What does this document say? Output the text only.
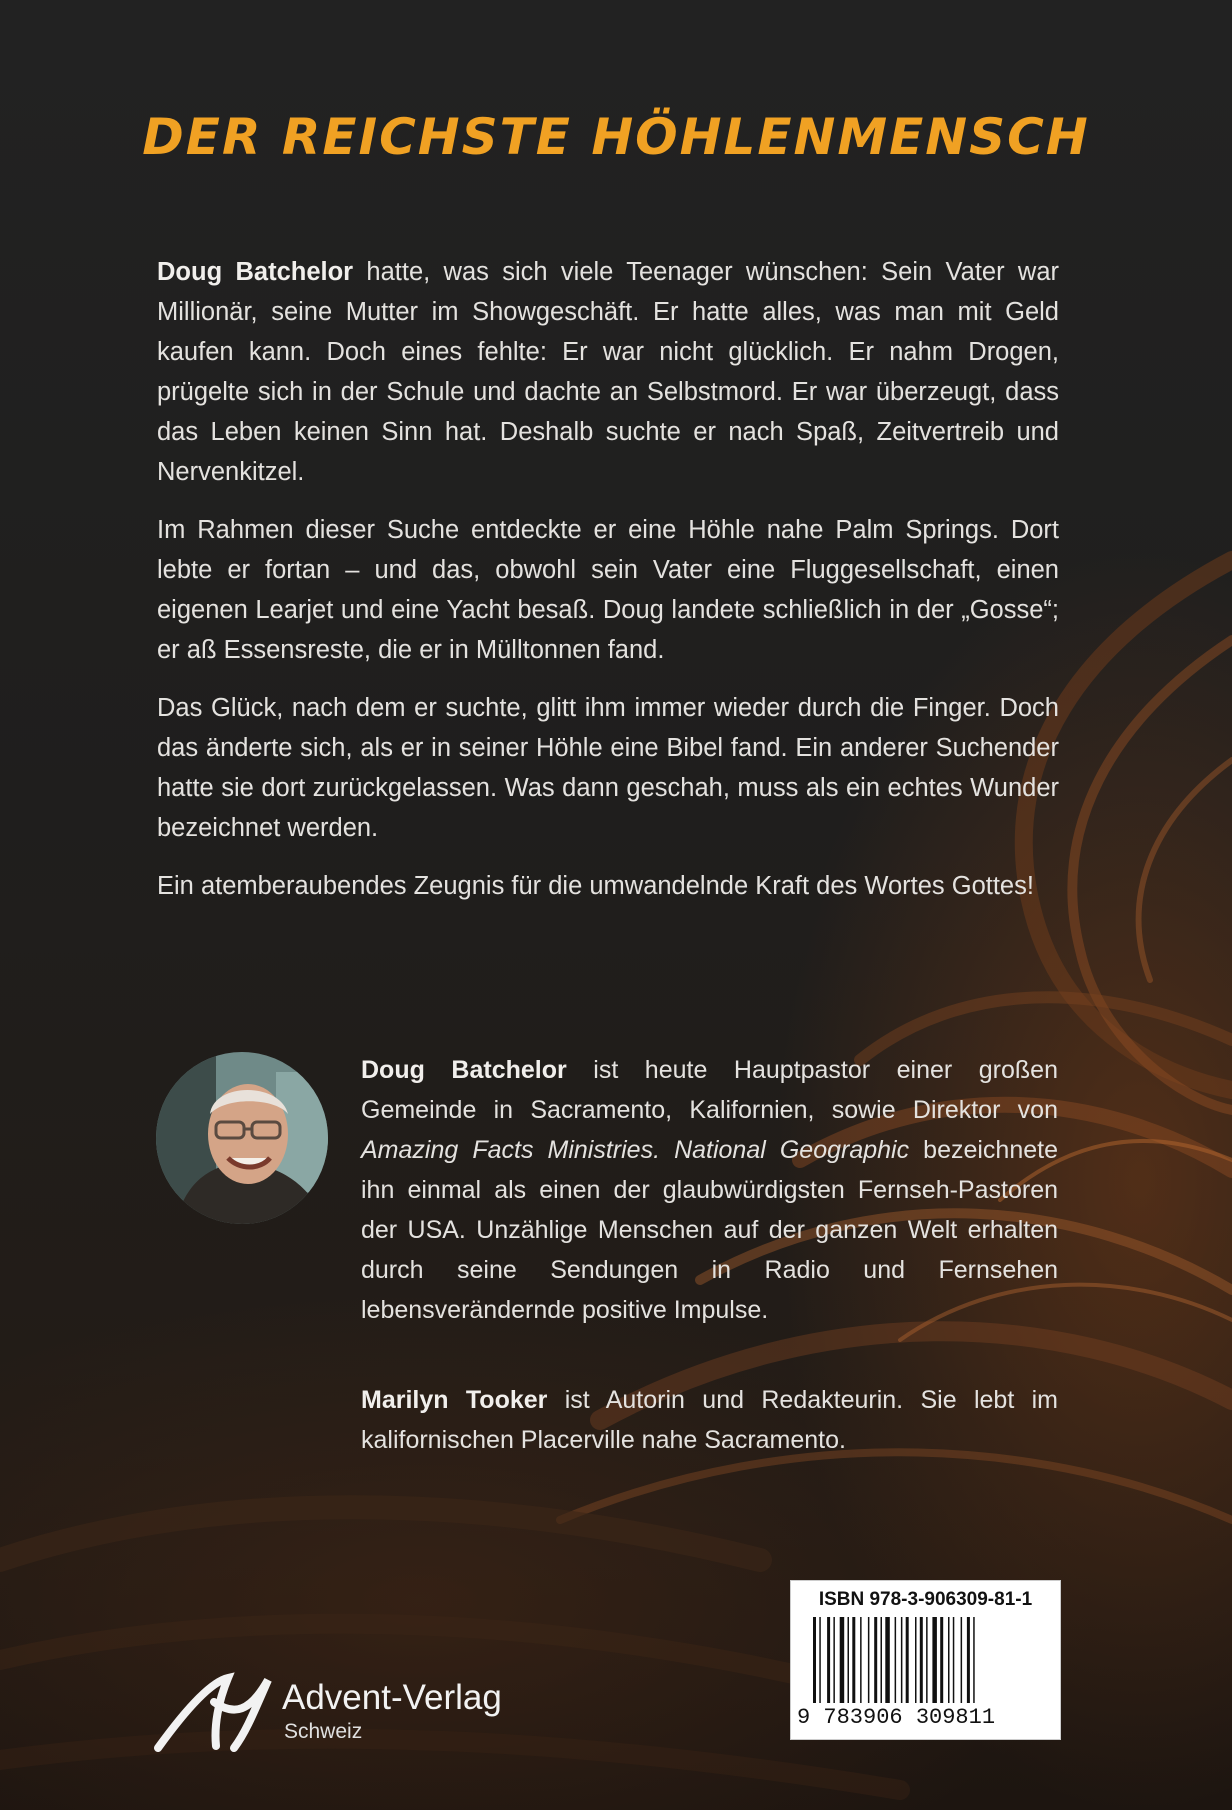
DER REICHSTE HÖHLENMENSCH

Doug Batchelor hatte, was sich viele Teenager wünschen: Sein Vater war Millionär, seine Mutter im Showgeschäft. Er hatte alles, was man mit Geld kaufen kann. Doch eines fehlte: Er war nicht glücklich. Er nahm Drogen, prügelte sich in der Schule und dachte an Selbstmord. Er war überzeugt, dass das Leben keinen Sinn hat. Deshalb suchte er nach Spaß, Zeitvertreib und Nervenkitzel.

Im Rahmen dieser Suche entdeckte er eine Höhle nahe Palm Springs. Dort lebte er fortan – und das, obwohl sein Vater eine Fluggesellschaft, einen eigenen Learjet und eine Yacht besaß. Doug landete schließlich in der „Gosse“; er aß Essensreste, die er in Mülltonnen fand.

Das Glück, nach dem er suchte, glitt ihm immer wieder durch die Finger. Doch das änderte sich, als er in seiner Höhle eine Bibel fand. Ein anderer Suchender hatte sie dort zurückgelassen. Was dann geschah, muss als ein echtes Wunder bezeichnet werden.

Ein atemberaubendes Zeugnis für die umwandelnde Kraft des Wortes Gottes!

Doug Batchelor ist heute Hauptpastor einer großen Gemeinde in Sacramento, Kalifornien, sowie Direktor von Amazing Facts Ministries. National Geographic bezeichnete ihn einmal als einen der glaubwürdigsten Fernseh-Pastoren der USA. Unzählige Menschen auf der ganzen Welt erhalten durch seine Sendungen in Radio und Fernsehen lebensverändernde positive Impulse.

Marilyn Tooker ist Autorin und Redakteurin. Sie lebt im kalifornischen Placerville nahe Sacramento.

ISBN 978-3-906309-81-1
9 783906 309811
Advent-Verlag
Schweiz
